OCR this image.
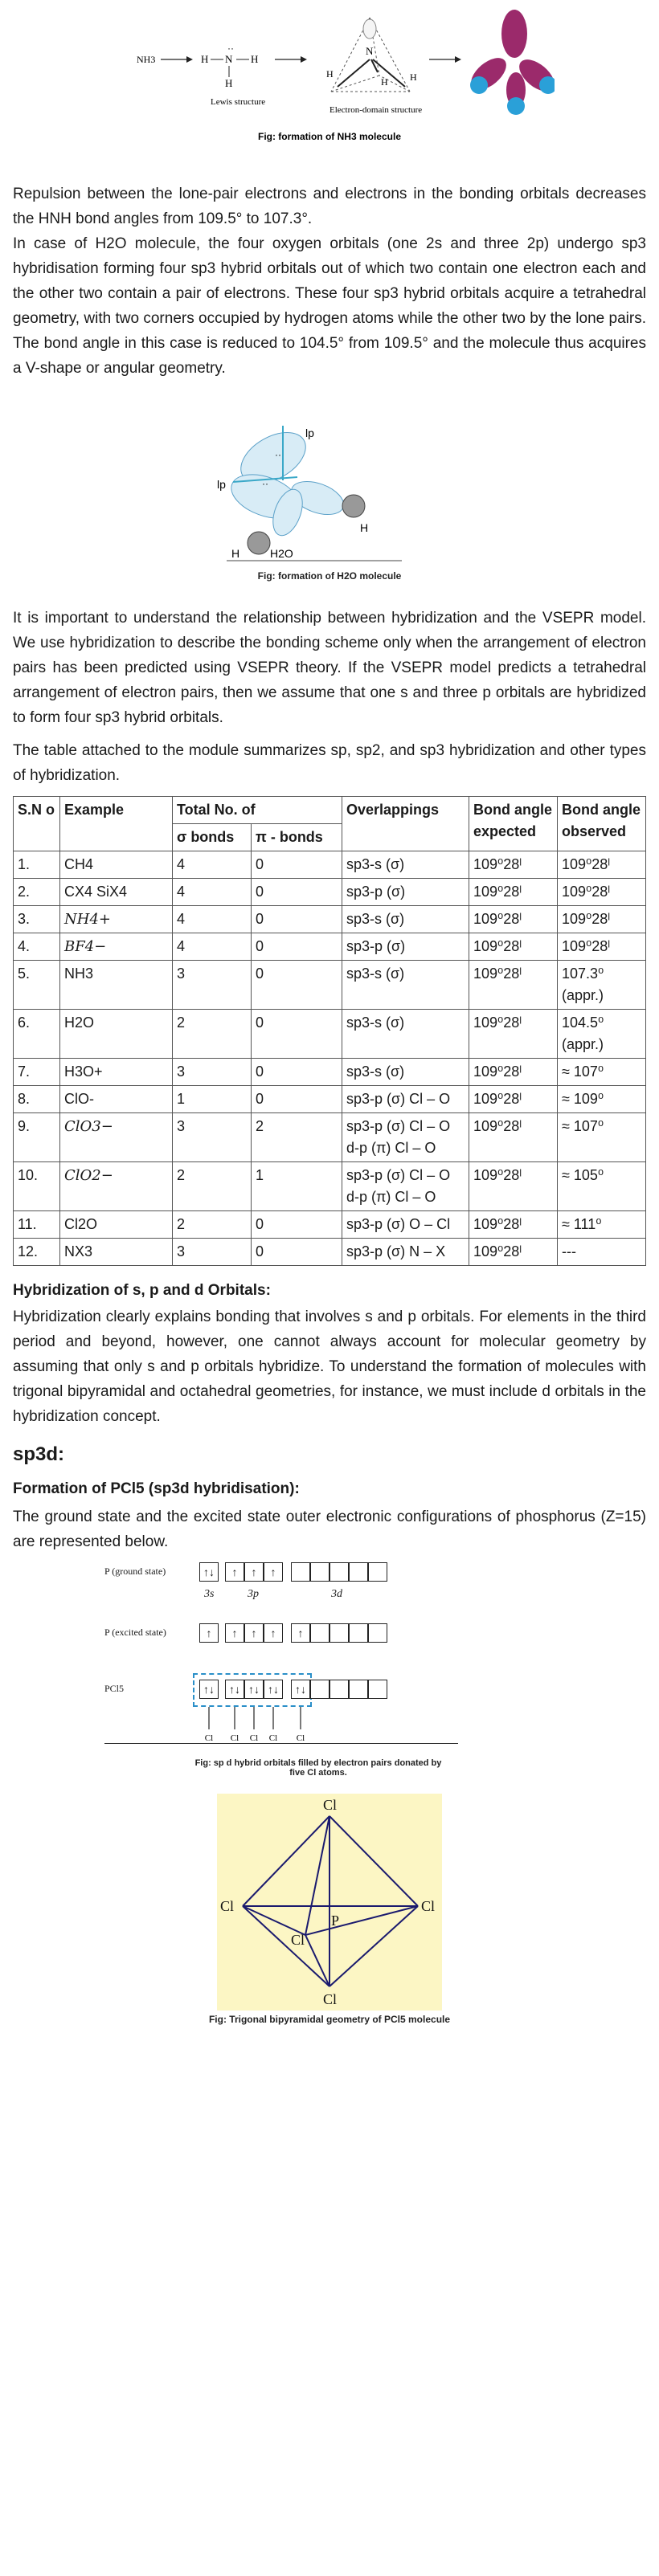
NH3	H N
··
H
H
Lewis structure
N
H	H
H
Electron-domain structure
Fig: formation of NH3 molecule

Repulsion between the lone-pair electrons and electrons in the bonding orbitals decreases the HNH bond angles from 109.5° to 107.3°.

In case of H2O molecule, the four oxygen orbitals (one 2s and three 2p) undergo sp3 hybridisation forming four sp3 hybrid orbitals out of which two contain one electron each and the other two contain a pair of electrons. These four sp3 hybrid orbitals acquire a tetrahedral geometry, with two corners occupied by hydrogen atoms while the other two by the lone pairs. The bond angle in this case is reduced to 104.5° from 109.5° and the molecule thus acquires a V-shape or angular geometry.

··
··
lp
lp
H
H	H2O
Fig: formation of H2O molecule

It is important to understand the relationship between hybridization and the VSEPR model. We use hybridization to describe the bonding scheme only when the arrangement of electron pairs has been predicted using VSEPR theory. If the VSEPR model predicts a tetrahedral arrangement of electron pairs, then we assume that one s and three p orbitals are hybridized to form four sp3 hybrid orbitals.

The table attached to the module summarizes sp, sp2, and sp3 hybridization and other types of hybridization.

S.N o	Example	Total No. of		Overlappings	Bond angle expected	Bond angle observed
		σ bonds	π - bonds			
1.	CH4	4	0	sp3-s (σ)	109⁰28ˡ	109⁰28ˡ
2.	CX4 SiX4	4	0	sp3-p (σ)	109⁰28ˡ	109⁰28ˡ
3.	NH4+	4	0	sp3-s (σ)	109⁰28ˡ	109⁰28ˡ
4.	BF4−	4	0	sp3-p (σ)	109⁰28ˡ	109⁰28ˡ
5.	NH3	3	0	sp3-s (σ)	109⁰28ˡ	107.3⁰ (appr.)
6.	H2O	2	0	sp3-s (σ)	109⁰28ˡ	104.5⁰ (appr.)
7.	H3O+	3	0	sp3-s (σ)	109⁰28ˡ	≈ 107⁰
8.	ClO-	1	0	sp3-p (σ) Cl – O	109⁰28ˡ	≈ 109⁰
9.	ClO3−	3	2	sp3-p (σ) Cl – O d-p (π) Cl – O	109⁰28ˡ	≈ 107⁰
10.	ClO2−	2	1	sp3-p (σ) Cl – O d-p (π) Cl – O	109⁰28ˡ	≈ 105⁰
11.	Cl2O	2	0	sp3-p (σ) O – Cl	109⁰28ˡ	≈ 111⁰
12.	NX3	3	0	sp3-p (σ) N – X	109⁰28ˡ	---
Hybridization of s, p and d Orbitals:

Hybridization clearly explains bonding that involves s and p orbitals. For elements in the third period and beyond, however, one cannot always account for molecular geometry by assuming that only s and p orbitals hybridize. To understand the formation of molecules with trigonal bipyramidal and octahedral geometries, for instance, we must include d orbitals in the hybridization concept.

sp3d:
Formation of PCl5 (sp3d hybridisation):

The ground state and the excited state outer electronic configurations of phosphorus (Z=15) are represented below.

P (ground state)	↑↓	↑	↑	↑
3s	3p	3d
P (excited state)	↑	↑	↑	↑	↑
PCl5	↑↓	↑↓ ↑↓ ↑↓	↑↓
Cl Cl Cl Cl Cl
Fig: sp d hybrid orbitals filled by electron pairs donated by five Cl atoms.
Cl
Cl	Cl
Cl
Cl
P
Fig: Trigonal bipyramidal geometry of PCl5 molecule
